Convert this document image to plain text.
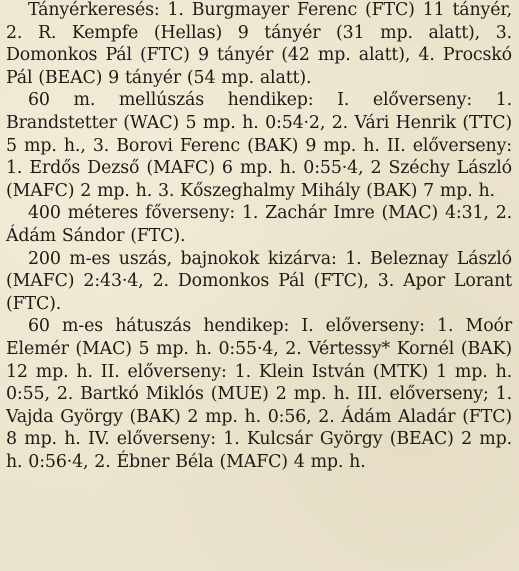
Tányérkeresés: 1. Burgmayer Ferenc (FTC) 11 tányér, 2. R. Kempfe (Hellas) 9 tányér (31 mp. alatt), 3. Domonkos Pál (FTC) 9 tányér (42 mp. alatt), 4. Procskó Pál (BEAC) 9 tányér (54 mp. alatt).

60 m. mellúszás hendikep: I. előverseny: 1. Brandstetter (WAC) 5 mp. h. 0:54·2, 2. Vári Henrik (TTC) 5 mp. h., 3. Borovi Ferenc (BAK) 9 mp. h. II. előverseny: 1. Erdős Dezső (MAFC) 6 mp. h. 0:55·4, 2 Széchy László (MAFC) 2 mp. h. 3. Kőszeghalmy Mihály (BAK) 7 mp. h.

400 méteres főverseny: 1. Zachár Imre (MAC) 4:31, 2. Ádám Sándor (FTC).

200 m-es uszás, bajnokok kizárva: 1. Beleznay László (MAFC) 2:43·4, 2. Domonkos Pál (FTC), 3. Apor Lorant (FTC).

60 m-es hátuszás hendikep: I. előverseny: 1. Moór Elemér (MAC) 5 mp. h. 0:55·4, 2. Vértessy* Kornél (BAK) 12 mp. h. II. előverseny: 1. Klein István (MTK) 1 mp. h. 0:55, 2. Bartkó Miklós (MUE) 2 mp. h. III. előverseny; 1. Vajda György (BAK) 2 mp. h. 0:56, 2. Ádám Aladár (FTC) 8 mp. h. IV. előverseny: 1. Kulcsár György (BEAC) 2 mp. h. 0:56·4, 2. Ébner Béla (MAFC) 4 mp. h.
